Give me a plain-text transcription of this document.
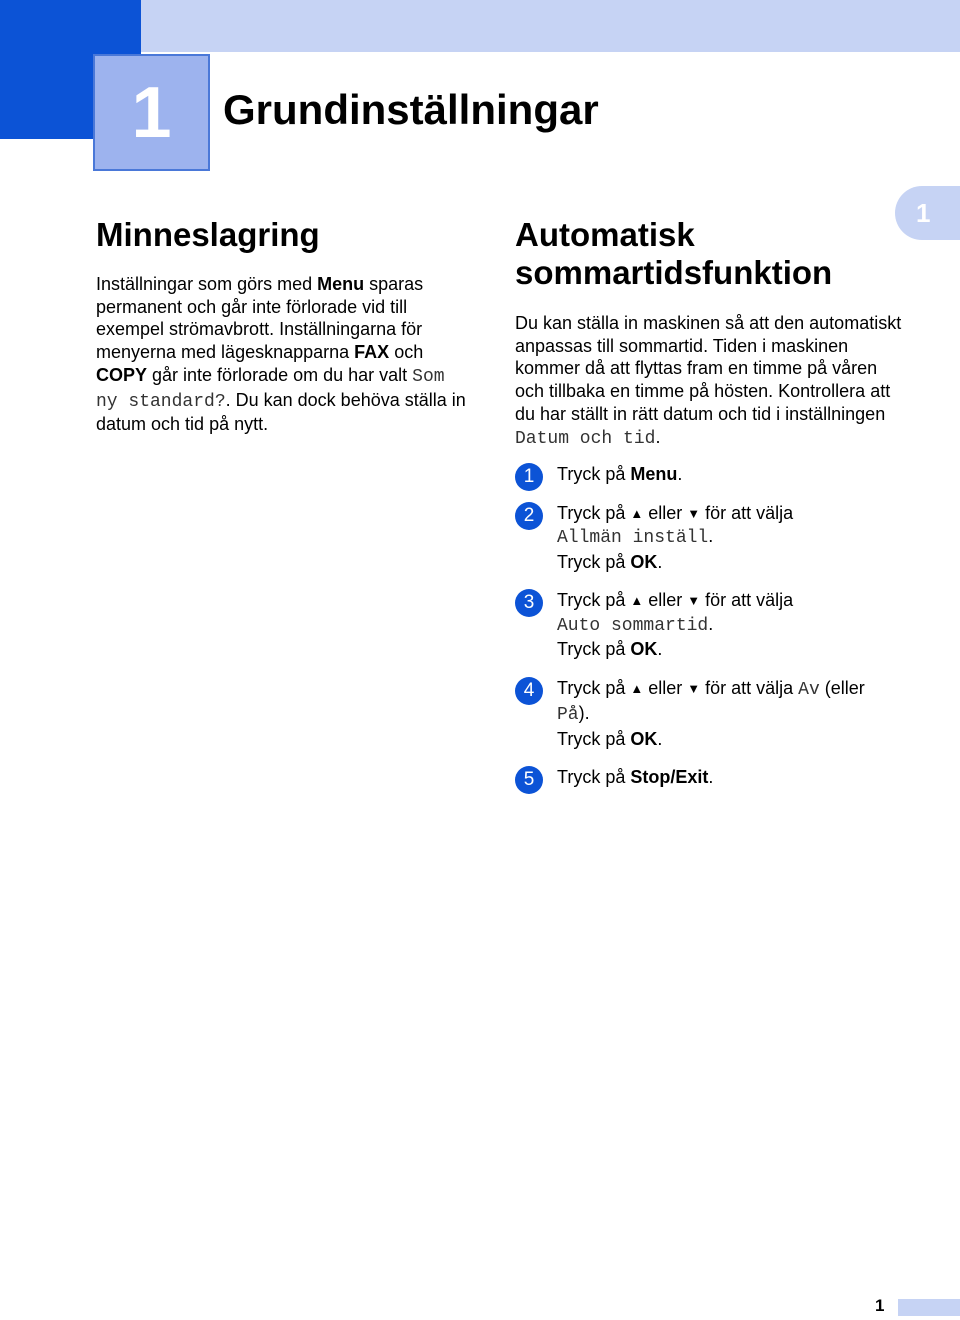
1 Grundinställningar
1
Minneslagring

Inställningar som görs med Menu sparas permanent och går inte förlorade vid till exempel strömavbrott. Inställningarna för menyerna med lägesknapparna FAX och COPY går inte förlorade om du har valt Som ny standard?. Du kan dock behöva ställa in datum och tid på nytt.

Automatisk
sommartidsfunktion

Du kan ställa in maskinen så att den automatiskt anpassas till sommartid. Tiden i maskinen kommer då att flyttas fram en timme på våren och tillbaka en timme på hösten. Kontrollera att du har ställt in rätt datum och tid i inställningen Datum och tid.

1	Tryck på Menu.
2	Tryck på ▲ eller ▼ för att välja
Allmän inställ.
Tryck på OK.
3	Tryck på ▲ eller ▼ för att välja
Auto sommartid.
Tryck på OK.
4	Tryck på ▲ eller ▼ för att välja Av (eller
På).
Tryck på OK.
5	Tryck på Stop/Exit.
1
